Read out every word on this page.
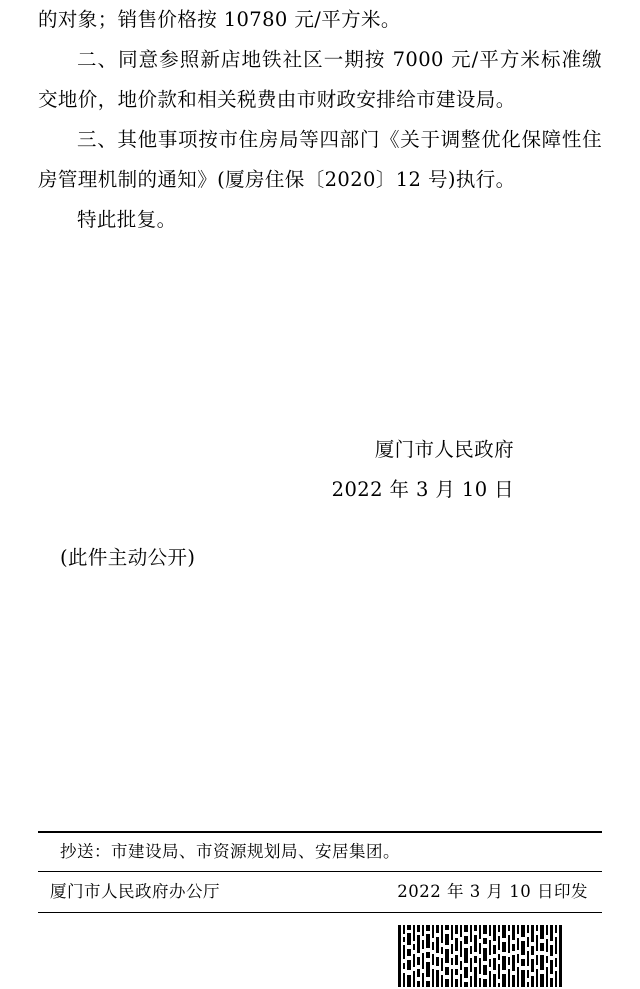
的对象；销售价格按 10780 元/平方米。

二、同意参照新店地铁社区一期按 7000 元/平方米标准缴交地价，地价款和相关税费由市财政安排给市建设局。

三、其他事项按市住房局等四部门《关于调整优化保障性住房管理机制的通知》(厦房住保〔2020〕12 号)执行。

特此批复。

厦门市人民政府
2022 年 3 月 10 日
(此件主动公开)
抄送：市建设局、市资源规划局、安居集团。
厦门市人民政府办公厅	2022 年 3 月 10 日印发
